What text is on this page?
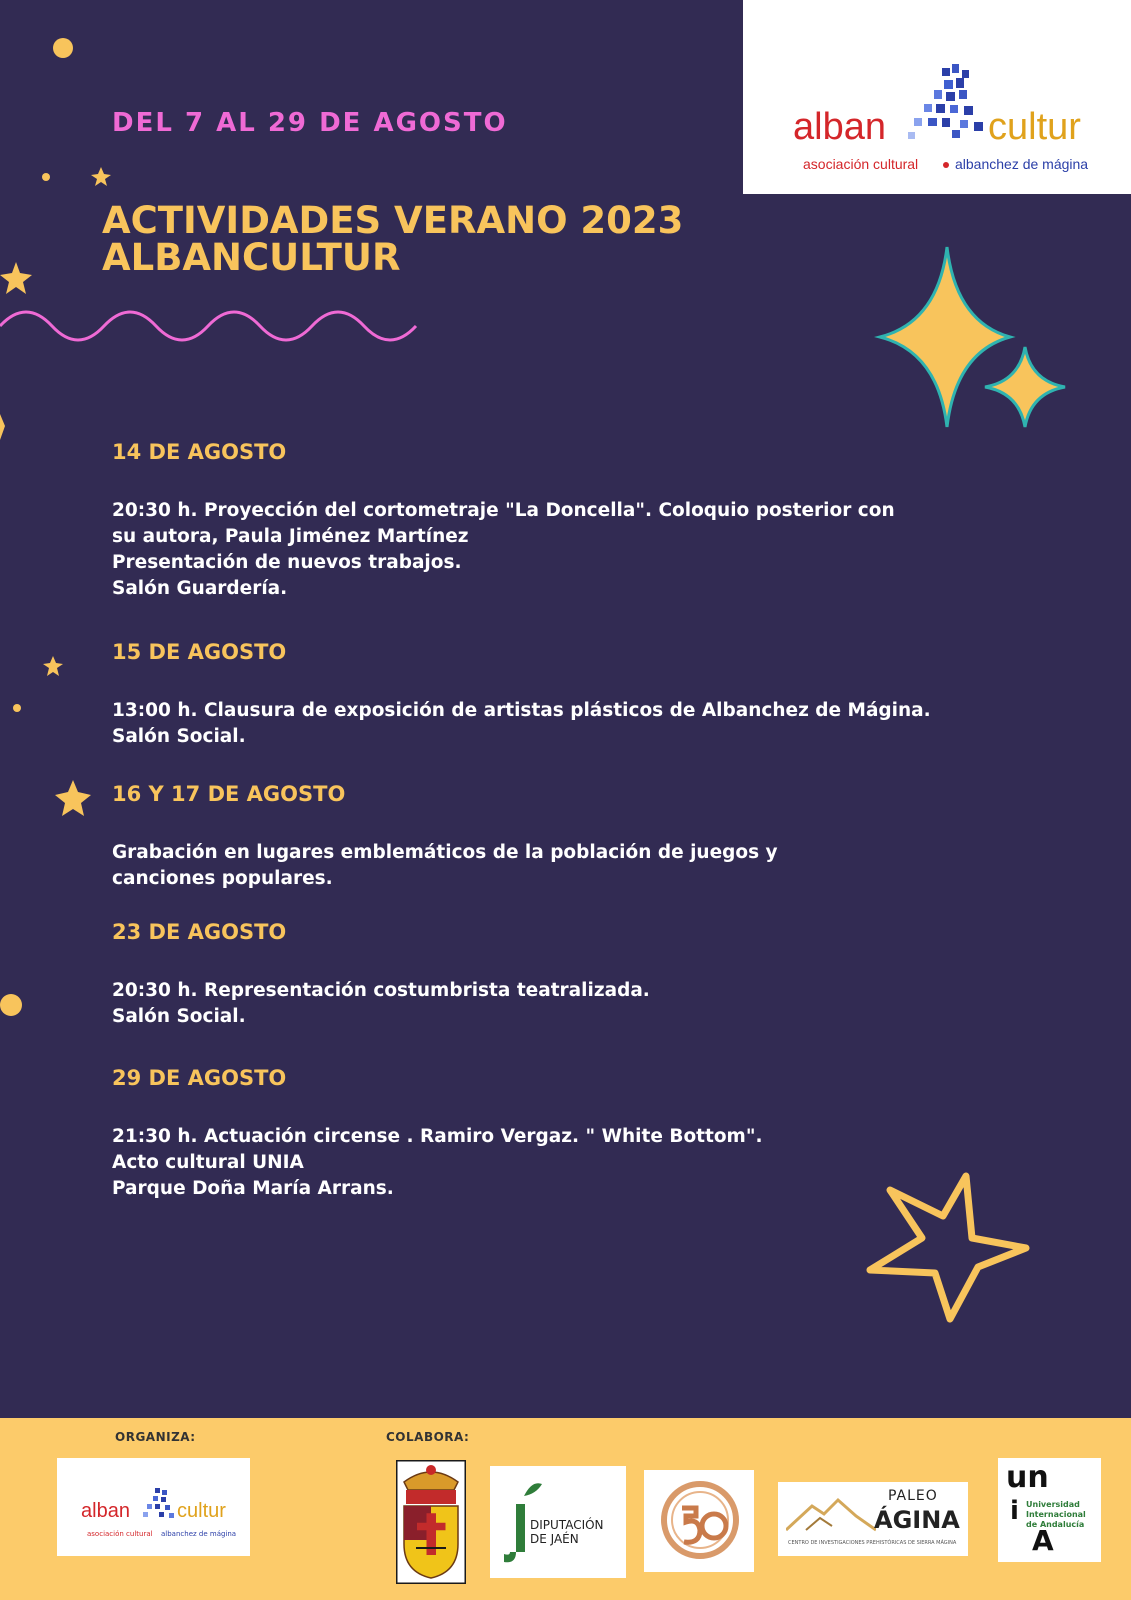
DEL 7 AL 29 DE AGOSTO
ACTIVIDADES VERANO 2023
ALBANCULTUR
alban	cultur
asociación cultural	albanchez de mágina

14 DE AGOSTO

20:30 h. Proyección del cortometraje "La Doncella". Coloquio posterior con

su autora, Paula Jiménez Martínez

Presentación de nuevos trabajos.

Salón Guardería.

15 DE AGOSTO

13:00 h. Clausura de exposición de artistas plásticos de Albanchez de Mágina.

Salón Social.

16 Y 17 DE AGOSTO

Grabación en lugares emblemáticos de la población de juegos y

canciones populares.

23 DE AGOSTO

20:30 h. Representación costumbrista teatralizada.

Salón Social.

29 DE AGOSTO

21:30 h. Actuación circense . Ramiro Vergaz. " White Bottom".

Acto cultural UNIA

Parque Doña María Arrans.

ORGANIZA:	COLABORA:
alban cultur
asociación cultural albanchez de mágina
DIPUTACIÓN
DE JAÉN
PALEO
ÁGINA
CENTRO DE INVESTIGACIONES PREHISTÓRICAS DE SIERRA MÁGINA
un
i Universidad
Internacional
de Andalucía
A
